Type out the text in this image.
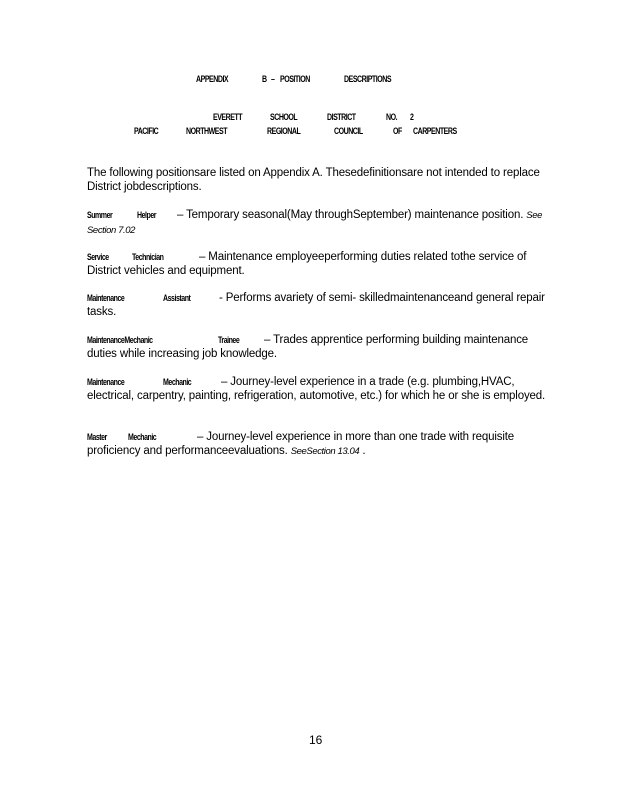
APPENDIX	B – POSITION	DESCRIPTIONS
EVERETT	SCHOOL	DISTRICT	NO. 2
PACIFIC	NORTHWEST	REGIONAL	COUNCIL	OF CARPENTERS
The following positionsare listed on Appendix A. Thesedefinitionsare not intended to replace District jobdescriptions.
Summer	Helper – Temporary seasonal(May throughSeptember) maintenance position. See Section 7.02
Service	Technician	– Maintenance employeeperforming duties related tothe service of District vehicles and equipment.
Maintenance	Assistant - Performs avariety of semi- skilledmaintenanceand general repair tasks.
MaintenanceMechanic	Trainee – Trades apprentice performing building maintenance duties while increasing job knowledge.
Maintenance	Mechanic	– Journey-level experience in a trade (e.g. plumbing,HVAC, electrical, carpentry, painting, refrigeration, automotive, etc.) for which he or she is employed.
Master Mechanic	– Journey-level experience in more than one trade with requisite proficiency and performanceevaluations. SeeSection 13.04 .
16
